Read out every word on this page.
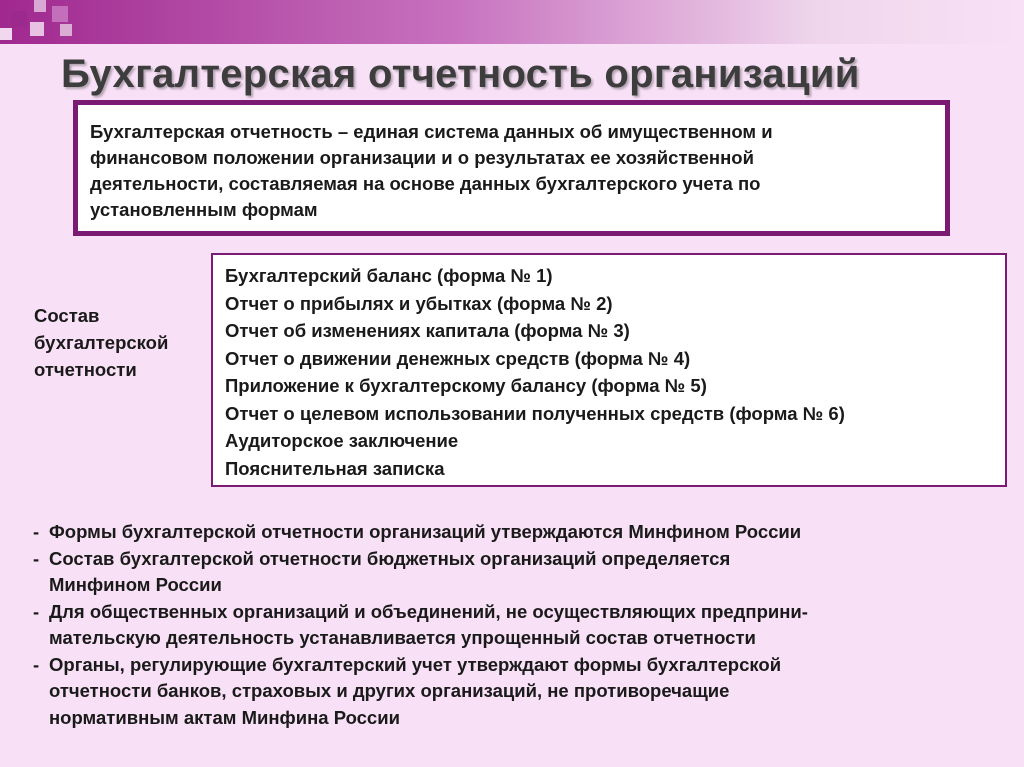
Бухгалтерская отчетность организаций
Бухгалтерская отчетность – единая система данных об имущественном и
финансовом положении организации и о результатах ее хозяйственной
деятельности, составляемая на основе данных бухгалтерского учета по
установленным формам
Состав
бухгалтерской
отчетности
Бухгалтерский баланс (форма № 1)
Отчет о прибылях и убытках (форма № 2)
Отчет об изменениях капитала (форма № 3)
Отчет о движении денежных средств (форма № 4)
Приложение к бухгалтерскому балансу (форма № 5)
Отчет о целевом использовании полученных средств (форма № 6)
Аудиторское заключение
Пояснительная записка
- Формы бухгалтерской отчетности организаций утверждаются Минфином России
- Состав бухгалтерской отчетности бюджетных организаций определяется
Минфином России
- Для общественных организаций и объединений, не осуществляющих предприни-
мательскую деятельность устанавливается упрощенный состав отчетности
- Органы, регулирующие бухгалтерский учет утверждают формы бухгалтерской
отчетности банков, страховых и других организаций, не противоречащие
нормативным актам Минфина России
